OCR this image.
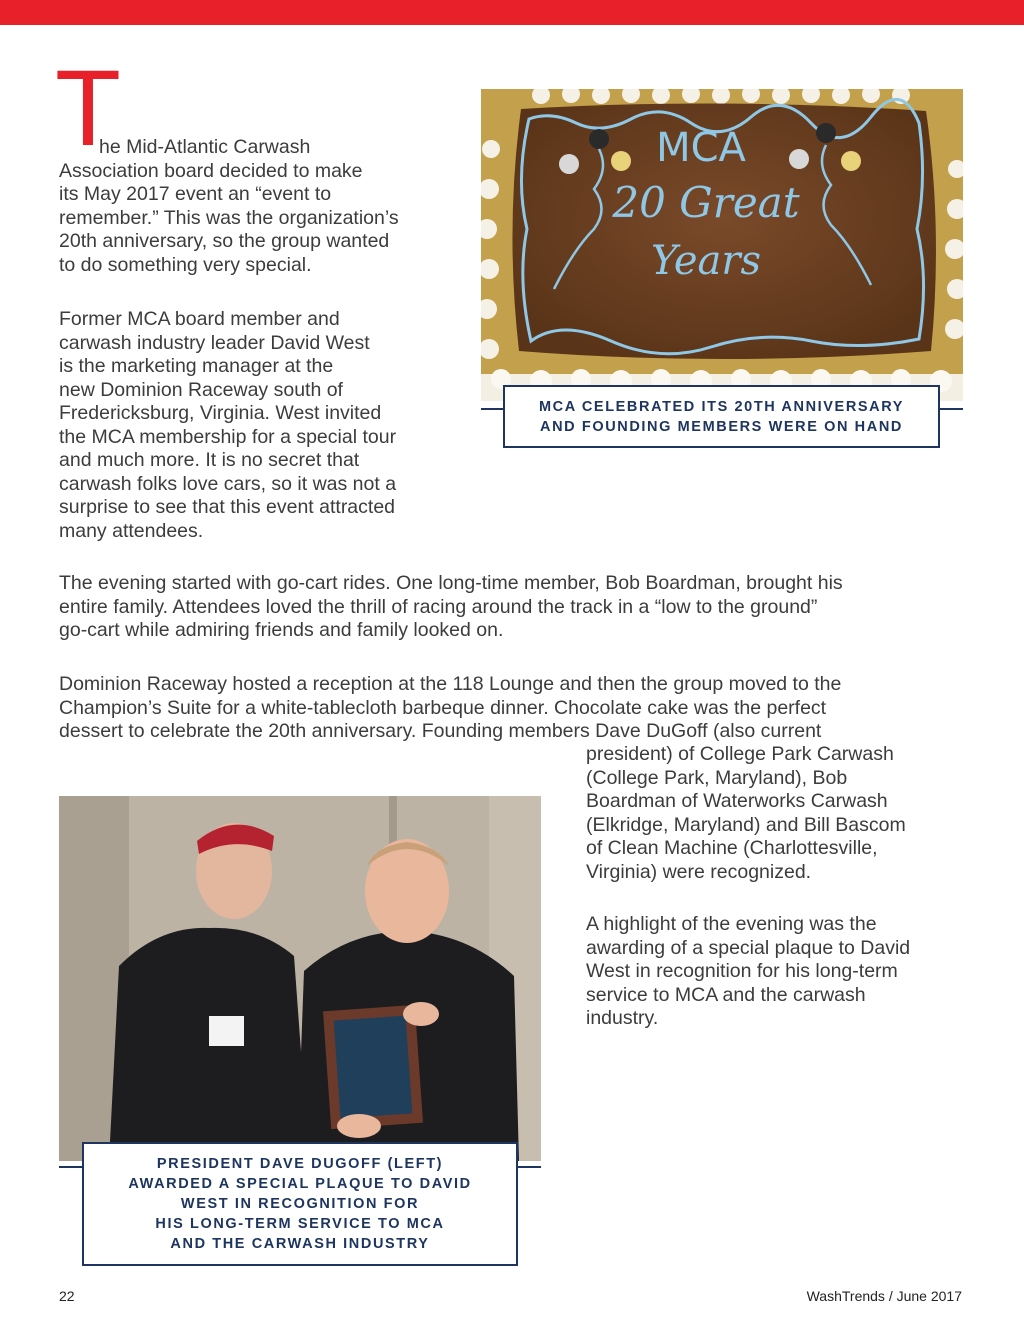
T

he Mid-Atlantic Carwash
Association board decided to make
its May 2017 event an “event to
remember.” This was the organization’s
20th anniversary, so the group wanted
to do something very special.

Former MCA board member and
carwash industry leader David West
is the marketing manager at the
new Dominion Raceway south of
Fredericksburg, Virginia. West invited
the MCA membership for a special tour
and much more. It is no secret that
carwash folks love cars, so it was not a
surprise to see that this event attracted
many attendees.

MCA
20 Great
Years
MCA CELEBRATED ITS 20TH ANNIVERSARY
AND FOUNDING MEMBERS WERE ON HAND

The evening started with go-cart rides. One long-time member, Bob Boardman, brought his
entire family. Attendees loved the thrill of racing around the track in a “low to the ground”
go-cart while admiring friends and family looked on.

Dominion Raceway hosted a reception at the 118 Lounge and then the group moved to the
Champion’s Suite for a white-tablecloth barbeque dinner. Chocolate cake was the perfect
dessert to celebrate the 20th anniversary. Founding members Dave DuGoff (also current

president) of College Park Carwash
(College Park, Maryland), Bob
Boardman of Waterworks Carwash
(Elkridge, Maryland) and Bill Bascom
of Clean Machine (Charlottesville,
Virginia) were recognized.

A highlight of the evening was the
awarding of a special plaque to David
West in recognition for his long-term
service to MCA and the carwash
industry.

PRESIDENT DAVE DUGOFF (LEFT)
AWARDED A SPECIAL PLAQUE TO DAVID
WEST IN RECOGNITION FOR
HIS LONG-TERM SERVICE TO MCA
AND THE CARWASH INDUSTRY
22	WashTrends / June 2017
